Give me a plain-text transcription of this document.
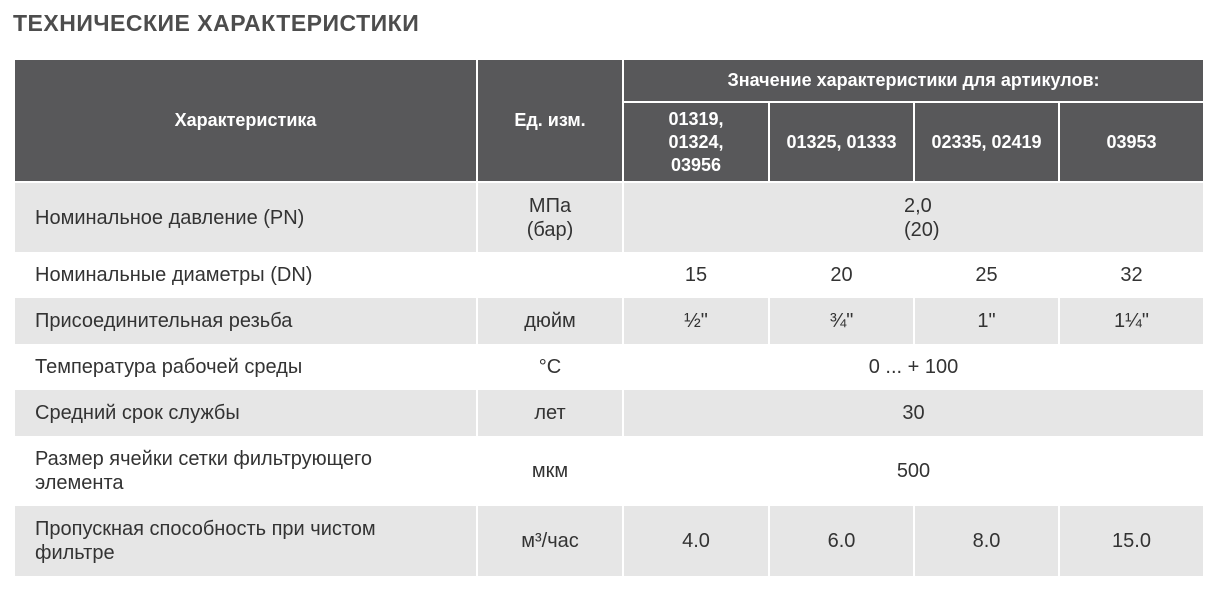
ТЕХНИЧЕСКИЕ ХАРАКТЕРИСТИКИ
Характеристика	Ед. изм.	Значение характеристики для артикулов:			
		01319, 01324, 03956	01325, 01333	02335, 02419	03953
Номинальное давление (PN)	МПа (бар)	2,0 (20)			
Номинальные диаметры (DN)		15	20	25	32
Присоединительная резьба	дюйм	½"	¾"	1"	1¼"
Температура рабочей среды	°С	0 ... + 100			
Средний срок службы	лет	30			
Размер ячейки сетки фильтрующего элемента	мкм	500			
Пропускная способность при чистом фильтре	м³/час	4.0	6.0	8.0	15.0
